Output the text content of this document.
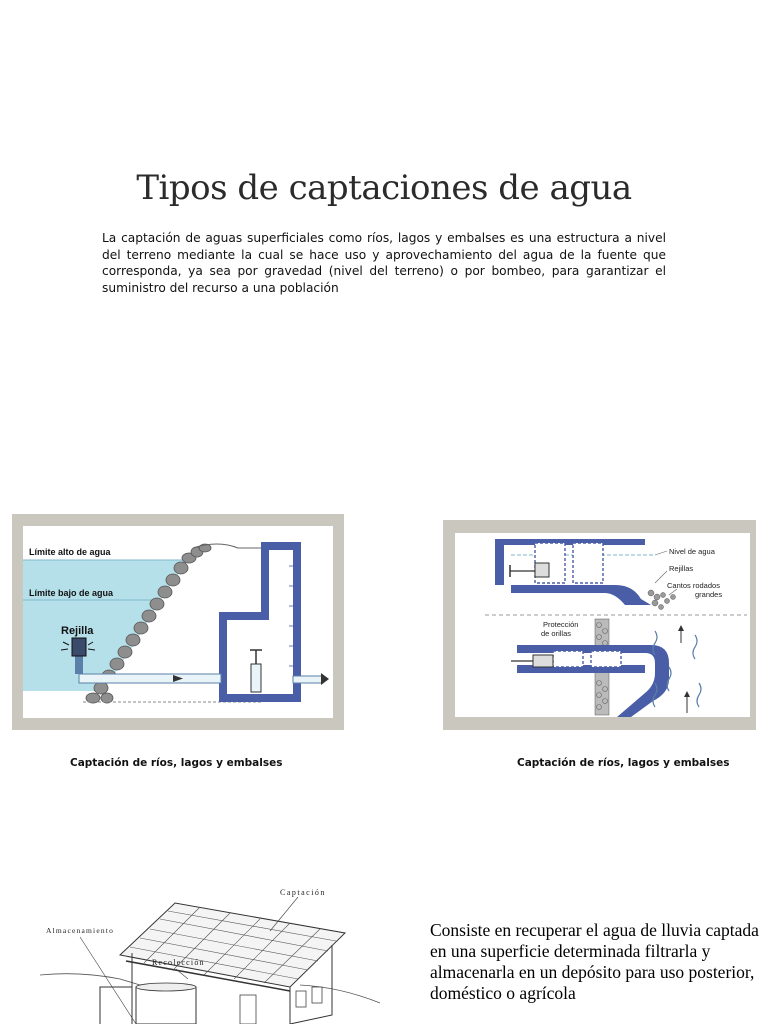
Tipos de captaciones de agua
La captación de aguas superficiales como ríos, lagos y embalses es una estructura a nivel del terreno mediante la cual se hace uso y aprovechamiento del agua de la fuente que corresponda, ya sea por gravedad (nivel del terreno) o por bombeo, para garantizar el suministro del recurso a una población
Límite alto de agua
Límite bajo de agua
Rejilla
Captación de ríos, lagos y embalses
Nivel de agua
Rejillas
Cantos rodados
grandes
Protección
de orillas
Captación de ríos, lagos y embalses
Captación
Almacenamiento
Recolección
Consiste en recuperar el agua de lluvia captada en una superficie determinada filtrarla y almacenarla en un depósito para uso posterior, doméstico o agrícola
